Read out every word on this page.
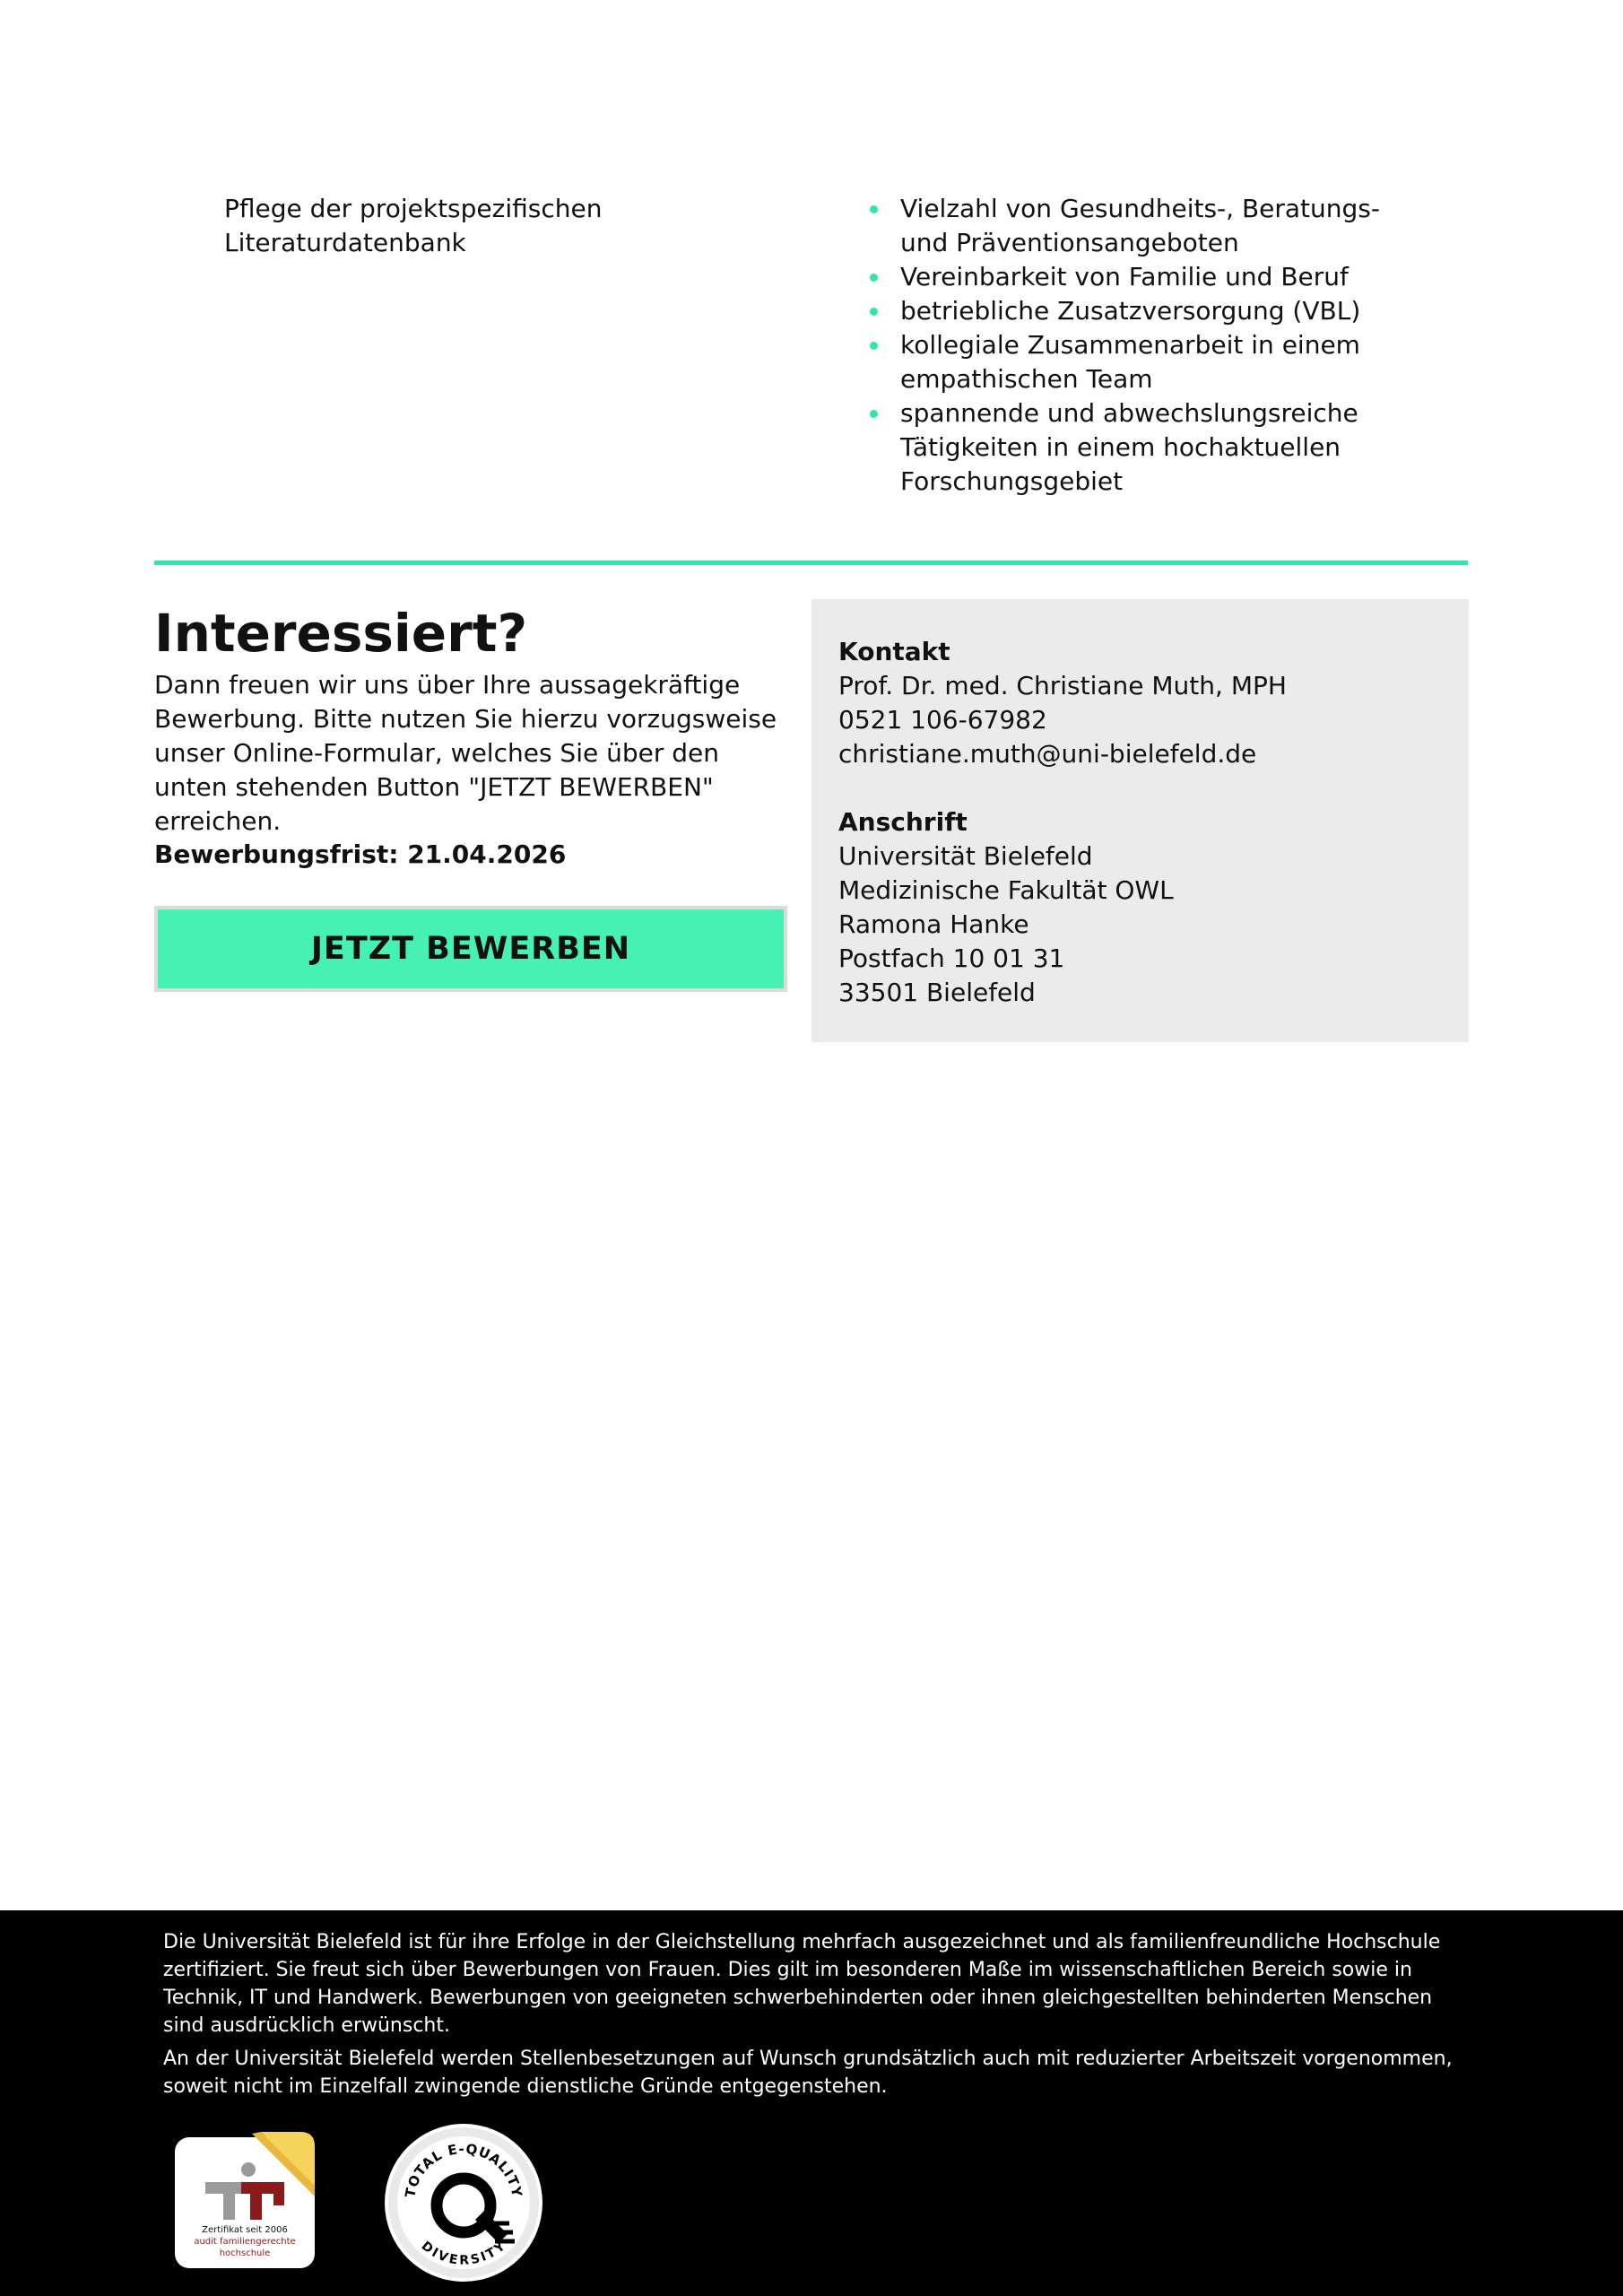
Pflege der projektspezifischen Literaturdatenbank
Vielzahl von Gesundheits-, Beratungs- und Präventionsangeboten
Vereinbarkeit von Familie und Beruf
betriebliche Zusatzversorgung (VBL)
kollegiale Zusammenarbeit in einem empathischen Team
spannende und abwechslungsreiche Tätigkeiten in einem hochaktuellen Forschungsgebiet
Interessiert?
Dann freuen wir uns über Ihre aussagekräftige Bewerbung. Bitte nutzen Sie hierzu vorzugsweise unser Online-Formular, welches Sie über den unten stehenden Button "JETZT BEWERBEN" erreichen.
Bewerbungsfrist: 21.04.2026
JETZT BEWERBEN
Kontakt
Prof. Dr. med. Christiane Muth, MPH
0521 106-67982
christiane.muth@uni-bielefeld.de
Anschrift
Universität Bielefeld
Medizinische Fakultät OWL
Ramona Hanke
Postfach 10 01 31
33501 Bielefeld

Die Universität Bielefeld ist für ihre Erfolge in der Gleichstellung mehrfach ausgezeichnet und als familienfreundliche Hochschule zertifiziert. Sie freut sich über Bewerbungen von Frauen. Dies gilt im besonderen Maße im wissenschaftlichen Bereich sowie in Technik, IT und Handwerk. Bewerbungen von geeigneten schwerbehinderten oder ihnen gleichgestellten behinderten Menschen sind ausdrücklich erwünscht.

An der Universität Bielefeld werden Stellenbesetzungen auf Wunsch grundsätzlich auch mit reduzierter Arbeitszeit vorgenommen, soweit nicht im Einzelfall zwingende dienstliche Gründe entgegenstehen.

Zertifikat seit 2006
audit familiengerechte
hochschule
TOTAL E-QUALITY
DIVERSITY
